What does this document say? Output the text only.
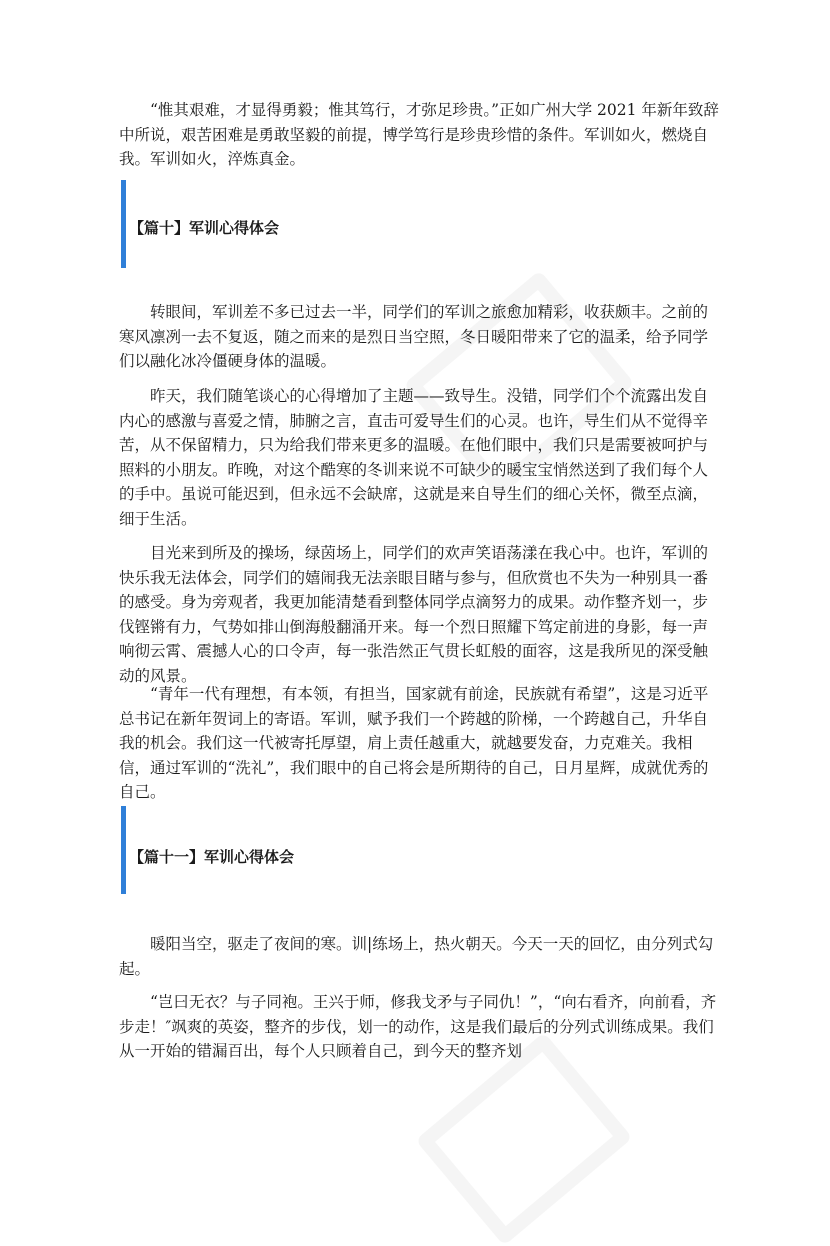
“惟其艰难，才显得勇毅；惟其笃行，才弥足珍贵。”正如广州大学 2021 年新年致辞中所说，艰苦困难是勇敢坚毅的前提，博学笃行是珍贵珍惜的条件。军训如火，燃烧自我。军训如火，淬炼真金。

【篇十】军训心得体会

转眼间，军训差不多已过去一半，同学们的军训之旅愈加精彩，收获颇丰。之前的寒风凛冽一去不复返，随之而来的是烈日当空照，冬日暖阳带来了它的温柔，给予同学们以融化冰冷僵硬身体的温暖。

昨天，我们随笔谈心的心得增加了主题——致导生。没错，同学们个个流露出发自内心的感激与喜爱之情，肺腑之言，直击可爱导生们的心灵。也许，导生们从不觉得辛苦，从不保留精力，只为给我们带来更多的温暖。在他们眼中，我们只是需要被呵护与照料的小朋友。昨晚，对这个酷寒的冬训来说不可缺少的暖宝宝悄然送到了我们每个人的手中。虽说可能迟到，但永远不会缺席，这就是来自导生们的细心关怀，微至点滴，细于生活。

目光来到所及的操场，绿茵场上，同学们的欢声笑语荡漾在我心中。也许，军训的快乐我无法体会，同学们的嬉闹我无法亲眼目睹与参与，但欣赏也不失为一种别具一番的感受。身为旁观者，我更加能清楚看到整体同学点滴努力的成果。动作整齐划一，步伐铿锵有力，气势如排山倒海般翻涌开来。每一个烈日照耀下笃定前进的身影，每一声响彻云霄、震撼人心的口令声，每一张浩然正气贯长虹般的面容，这是我所见的深受触动的风景。

“青年一代有理想，有本领，有担当，国家就有前途，民族就有希望”，这是习近平总书记在新年贺词上的寄语。军训，赋予我们一个跨越的阶梯，一个跨越自己，升华自我的机会。我们这一代被寄托厚望，肩上责任越重大，就越要发奋，力克难关。我相信，通过军训的“洗礼”，我们眼中的自己将会是所期待的自己，日月星辉，成就优秀的自己。

【篇十一】军训心得体会

暖阳当空，驱走了夜间的寒。训|练场上，热火朝天。今天一天的回忆，由分列式勾起。

“岂曰无衣？与子同袍。王兴于师，修我戈矛与子同仇！”，“向右看齐，向前看，齐步走！″飒爽的英姿，整齐的步伐，划一的动作，这是我们最后的分列式训练成果。我们从一开始的错漏百出，每个人只顾着自己，到今天的整齐划
